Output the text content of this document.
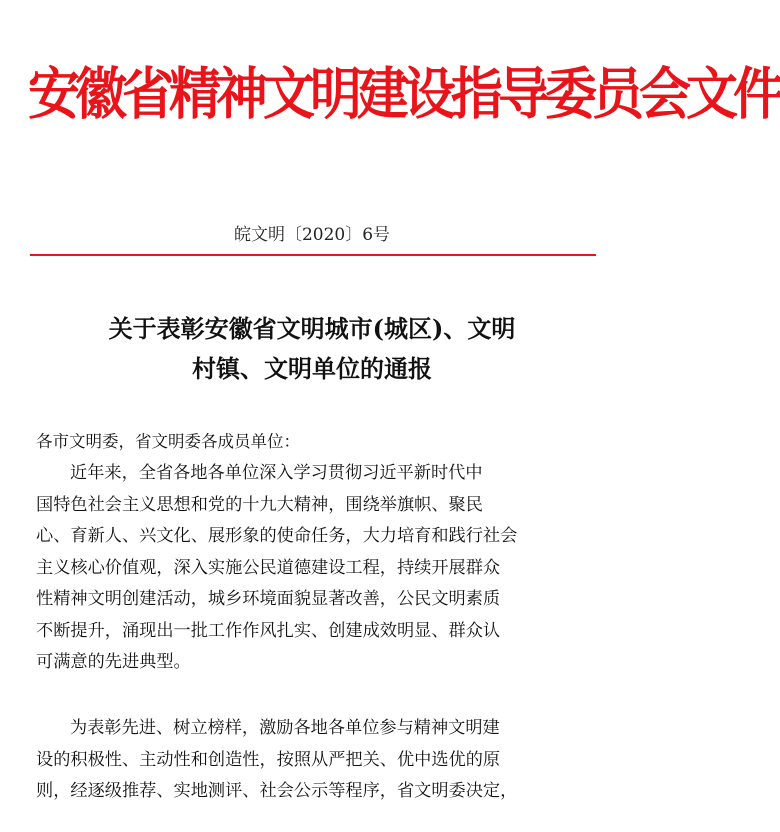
安徽省精神文明建设指导委员会文件
皖文明〔2020〕6号
关于表彰安徽省文明城市(城区)、文明
村镇、文明单位的通报
各市文明委，省文明委各成员单位：
近年来，全省各地各单位深入学习贯彻习近平新时代中
国特色社会主义思想和党的十九大精神，围绕举旗帜、聚民
心、育新人、兴文化、展形象的使命任务，大力培育和践行社会
主义核心价值观，深入实施公民道德建设工程，持续开展群众
性精神文明创建活动，城乡环境面貌显著改善，公民文明素质
不断提升，涌现出一批工作作风扎实、创建成效明显、群众认
可满意的先进典型。
为表彰先进、树立榜样，激励各地各单位参与精神文明建
设的积极性、主动性和创造性，按照从严把关、优中选优的原
则，经逐级推荐、实地测评、社会公示等程序，省文明委决定，
